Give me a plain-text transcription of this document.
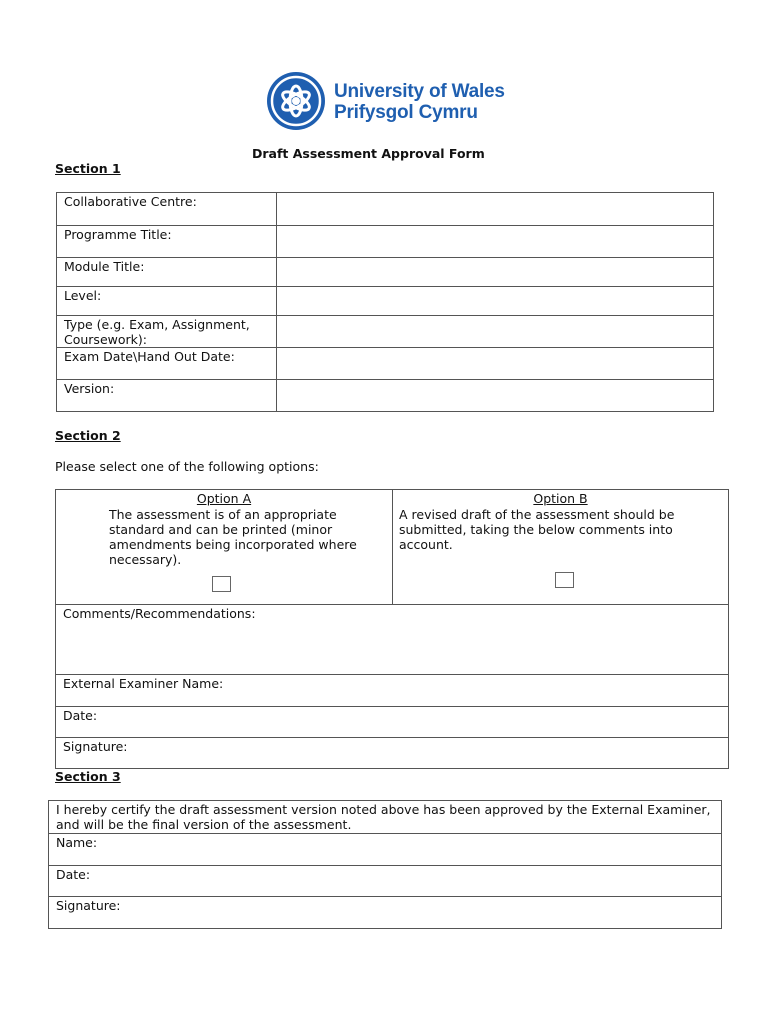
University of Wales
Prifysgol Cymru
Draft Assessment Approval Form
Section 1
Collaborative Centre:	
Programme Title:	
Module Title:	
Level:	
Type (e.g. Exam, Assignment, Coursework):	
Exam Date\Hand Out Date:	
Version:	
Section 2
Please select one of the following options:
Option A
The assessment is of an appropriate standard and can be printed (minor amendments being incorporated where necessary).

Option B
A revised draft of the assessment should be submitted, taking the below comments into account.

Comments/Recommendations:
External Examiner Name:
Date:
Signature:
Section 3
I hereby certify the draft assessment version noted above has been approved by the External Examiner, and will be the final version of the assessment.
Name:
Date:
Signature:
